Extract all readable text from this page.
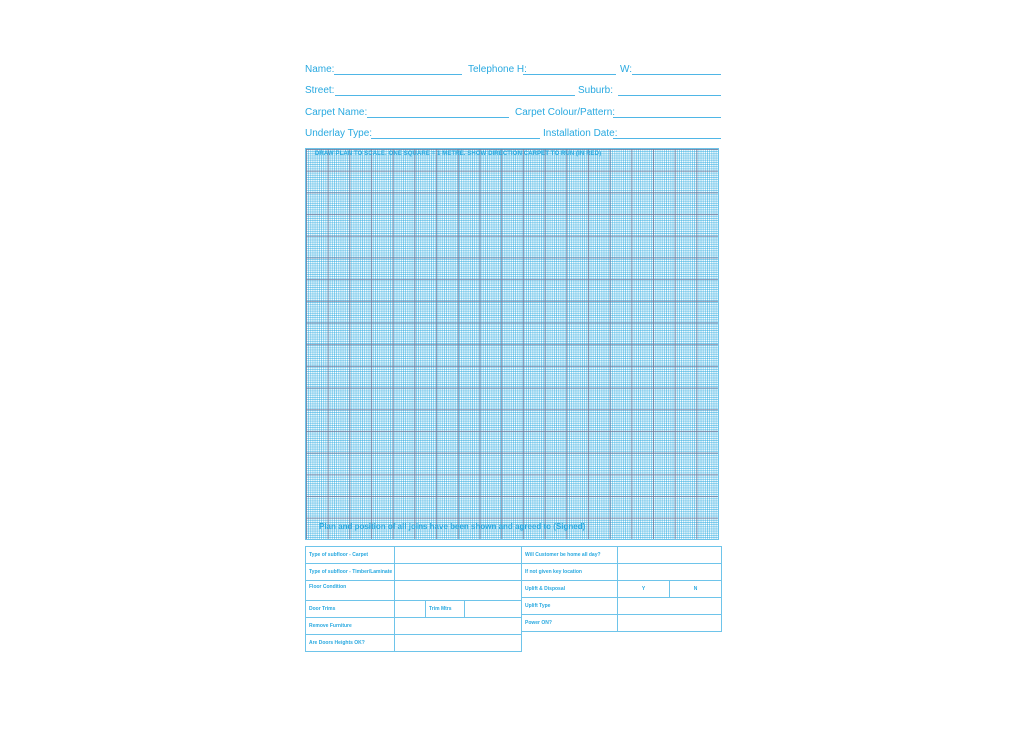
Name:	Telephone H:	W:
Street:	Suburb:
Carpet Name:	Carpet Colour/Pattern:
Underlay Type:	Installation Date:
DRAW PLAN TO SCALE. ONE SQUARE = 1 METRE. SHOW DIRECTION CARPET TO RUN (IN RED)
Plan and position of all joins have been shown and agreed to (Signed)
Type of subfloor - Carpet			
Type of subfloor - Timber/Laminate			
Floor Condition			

Door Trims		Trim Mtrs	
Remove Furniture			
Are Doors Heights OK?			
Will Customer be home all day?		
If not given key location		
Uplift & Disposal	Y	N
Uplift Type		
Power ON?		
